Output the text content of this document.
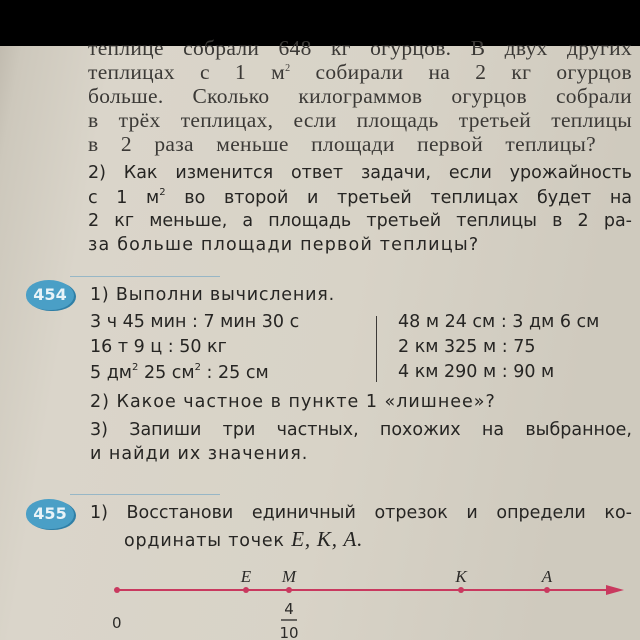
теплице собрали 648 кг огурцов. В двух других
теплицах с 1 $м^2$ собирали на 2 кг огурцов
больше. Сколько килограммов огурцов собрали
в трёх теплицах, если площадь третьей теплицы
в 2 раза меньше площади первой теплицы?
2) Как изменится ответ задачи, если урожайность
с 1 $м^2$ во второй и третьей теплицах будет на
2 кг меньше, а площадь третьей теплицы в 2 ра-
за больше площади первой теплицы?
454	1) Выполни вычисления.
3 ч 45 мин : 7 мин 30 с
16 т 9 ц : 50 кг
5 $дм^2$ 25 $см^2$ : 25 см
48 м 24 см : 3 дм 6 см
2 км 325 м : 75
4 км 290 м : 90 м
2) Какое частное в пункте 1 «лишнее»?
3) Запиши три частных, похожих на выбранное,
и найди их значения.
455	1) Восстанови единичный отрезок и определи ко-
ординаты точек E, K, A.
E M	K	A
0
4
10
